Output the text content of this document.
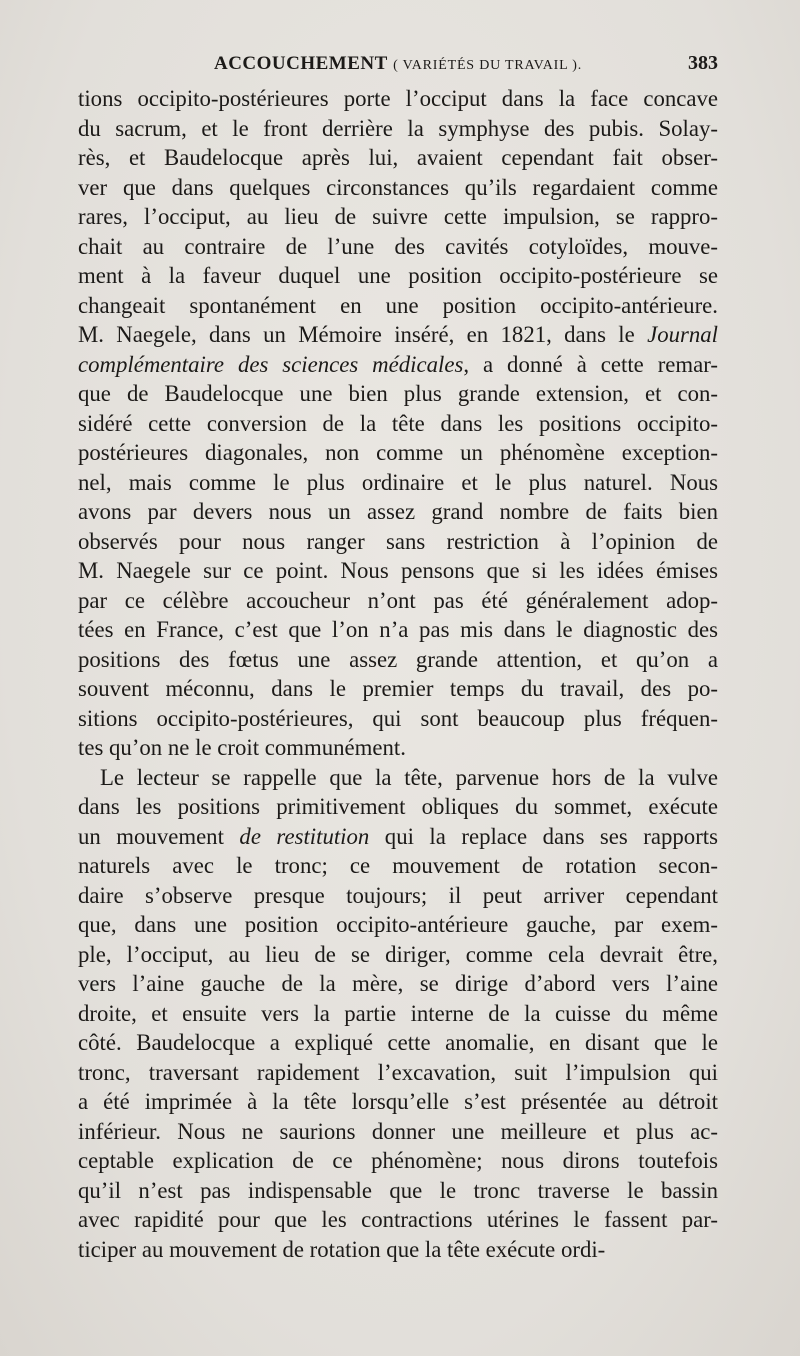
ACCOUCHEMENT ( VARIÉTÉS DU TRAVAIL ).	383
tions occipito-postérieures porte l’occiput dans la face concave
du sacrum, et le front derrière la symphyse des pubis. Solay-
rès, et Baudelocque après lui, avaient cependant fait obser-
ver que dans quelques circonstances qu’ils regardaient comme
rares, l’occiput, au lieu de suivre cette impulsion, se rappro-
chait au contraire de l’une des cavités cotyloïdes, mouve-
ment à la faveur duquel une position occipito-postérieure se
changeait spontanément en une position occipito-antérieure.
M. Naegele, dans un Mémoire inséré, en 1821, dans le Journal
complémentaire des sciences médicales, a donné à cette remar-
que de Baudelocque une bien plus grande extension, et con-
sidéré cette conversion de la tête dans les positions occipito-
postérieures diagonales, non comme un phénomène exception-
nel, mais comme le plus ordinaire et le plus naturel. Nous
avons par devers nous un assez grand nombre de faits bien
observés pour nous ranger sans restriction à l’opinion de
M. Naegele sur ce point. Nous pensons que si les idées émises
par ce célèbre accoucheur n’ont pas été généralement adop-
tées en France, c’est que l’on n’a pas mis dans le diagnostic des
positions des fœtus une assez grande attention, et qu’on a
souvent méconnu, dans le premier temps du travail, des po-
sitions occipito-postérieures, qui sont beaucoup plus fréquen-
tes qu’on ne le croit communément.
Le lecteur se rappelle que la tête, parvenue hors de la vulve
dans les positions primitivement obliques du sommet, exécute
un mouvement de restitution qui la replace dans ses rapports
naturels avec le tronc; ce mouvement de rotation secon-
daire s’observe presque toujours; il peut arriver cependant
que, dans une position occipito-antérieure gauche, par exem-
ple, l’occiput, au lieu de se diriger, comme cela devrait être,
vers l’aine gauche de la mère, se dirige d’abord vers l’aine
droite, et ensuite vers la partie interne de la cuisse du même
côté. Baudelocque a expliqué cette anomalie, en disant que le
tronc, traversant rapidement l’excavation, suit l’impulsion qui
a été imprimée à la tête lorsqu’elle s’est présentée au détroit
inférieur. Nous ne saurions donner une meilleure et plus ac-
ceptable explication de ce phénomène; nous dirons toutefois
qu’il n’est pas indispensable que le tronc traverse le bassin
avec rapidité pour que les contractions utérines le fassent par-
ticiper au mouvement de rotation que la tête exécute ordi-
